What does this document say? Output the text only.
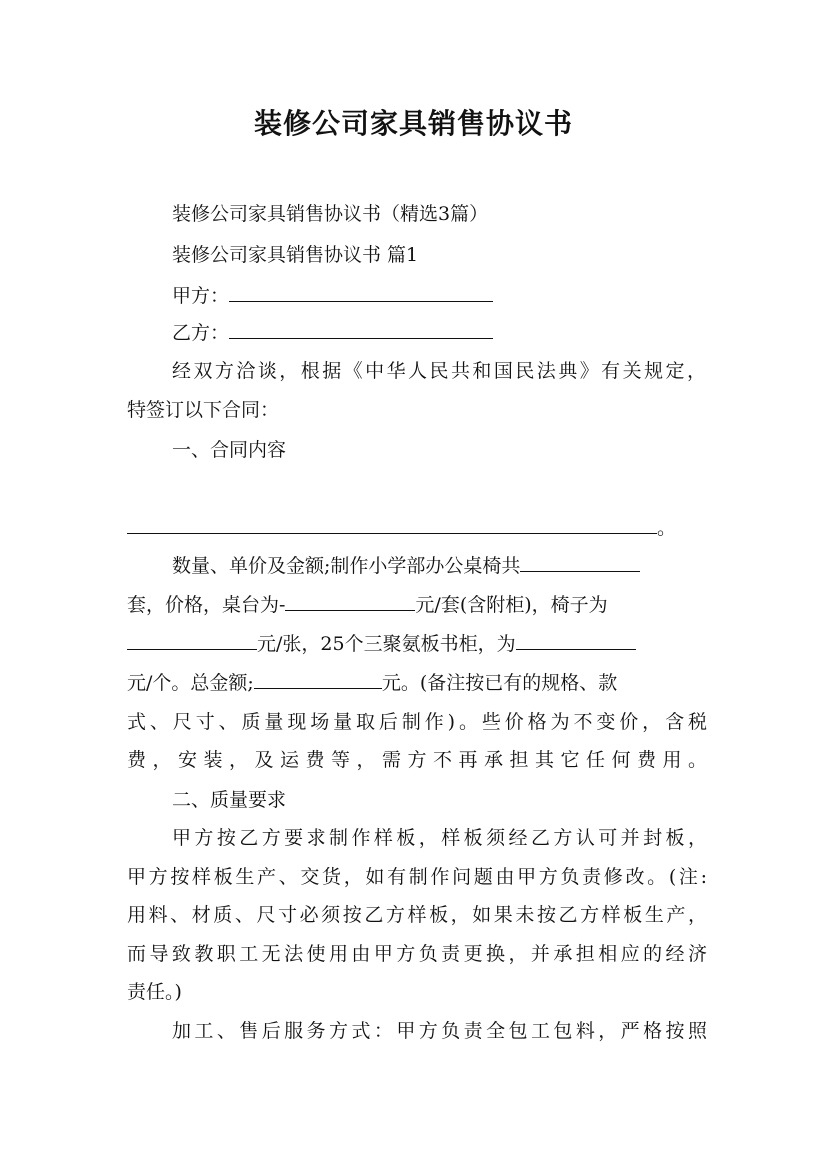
装修公司家具销售协议书
装修公司家具销售协议书（精选3篇）
装修公司家具销售协议书 篇1
甲方：
乙方：
经双方洽谈，根据《中华人民共和国民法典》有关规定，
特签订以下合同：
一、合同内容
。
数量、单价及金额;制作小学部办公桌椅共
套，价格，桌台为-	元/套(含附柜)，椅子为
元/张，25个三聚氨板书柜，为
元/个。总金额;	元。(备注按已有的规格、款
式、尺寸、质量现场量取后制作)。些价格为不变价，含税
费，安装，及运费等，需方不再承担其它任何费用。
二、质量要求
甲方按乙方要求制作样板，样板须经乙方认可并封板，
甲方按样板生产、交货，如有制作问题由甲方负责修改。(注:
用料、材质、尺寸必须按乙方样板，如果未按乙方样板生产，
而导致教职工无法使用由甲方负责更换，并承担相应的经济
责任。)
加工、售后服务方式：甲方负责全包工包料，严格按照
